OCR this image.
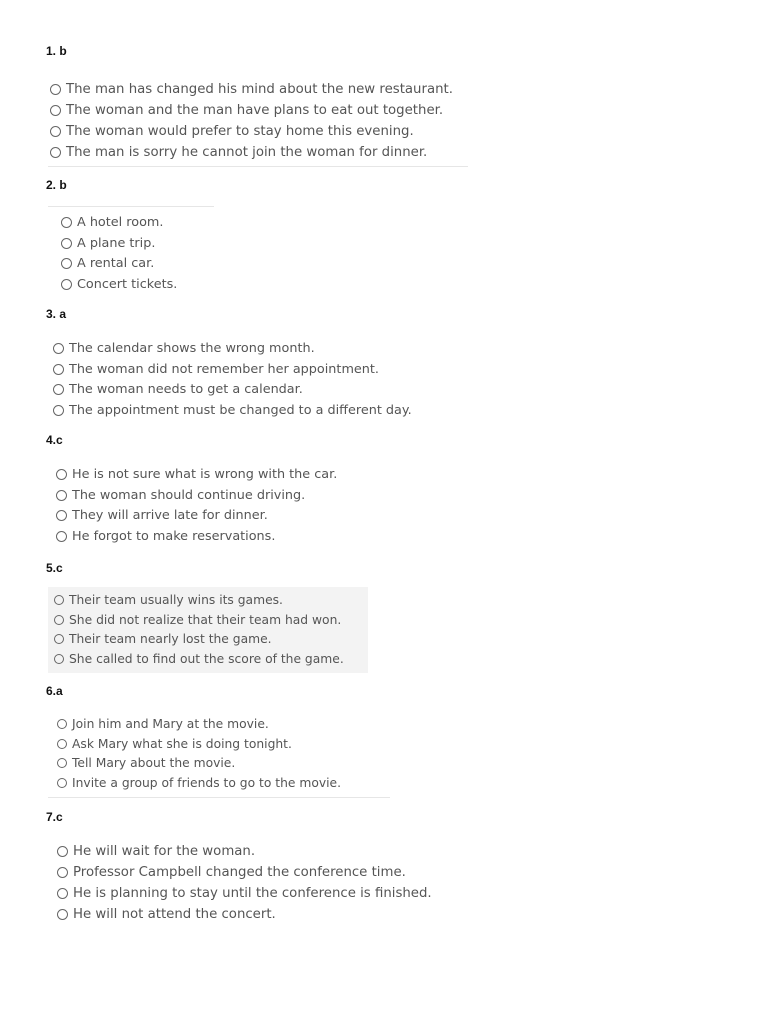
1. b
The man has changed his mind about the new restaurant.
The woman and the man have plans to eat out together.
The woman would prefer to stay home this evening.
The man is sorry he cannot join the woman for dinner.
2. b
A hotel room.
A plane trip.
A rental car.
Concert tickets.
3. a
The calendar shows the wrong month.
The woman did not remember her appointment.
The woman needs to get a calendar.
The appointment must be changed to a different day.
4.c
He is not sure what is wrong with the car.
The woman should continue driving.
They will arrive late for dinner.
He forgot to make reservations.
5.c
Their team usually wins its games.
She did not realize that their team had won.
Their team nearly lost the game.
She called to find out the score of the game.
6.a
Join him and Mary at the movie.
Ask Mary what she is doing tonight.
Tell Mary about the movie.
Invite a group of friends to go to the movie.
7.c
He will wait for the woman.
Professor Campbell changed the conference time.
He is planning to stay until the conference is finished.
He will not attend the concert.
